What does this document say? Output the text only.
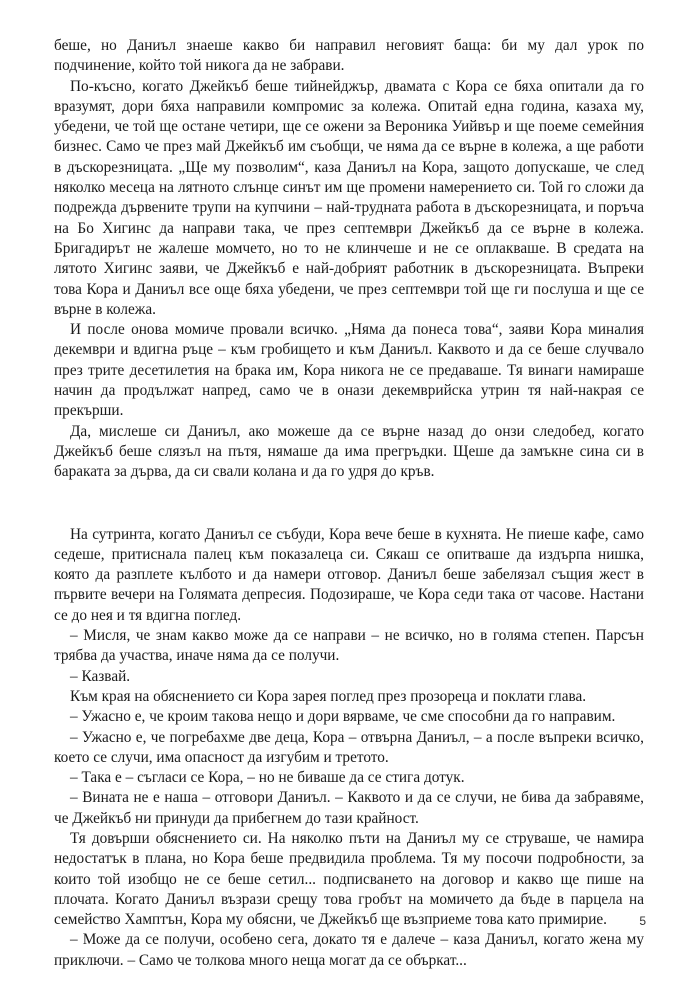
беше, но Даниъл знаеше какво би направил неговият баща: би му дал урок по подчинение, който той никога да не забрави.

По-късно, когато Джейкъб беше тийнейджър, двамата с Кора се бяха опитали да го вразумят, дори бяха направили компромис за колежа. Опитай една година, казаха му, убедени, че той ще остане четири, ще се ожени за Вероника Уийвър и ще поеме семейния бизнес. Само че през май Джейкъб им съобщи, че няма да се върне в колежа, а ще работи в дъскорезницата. „Ще му позволим“, каза Даниъл на Кора, защото допускаше, че след няколко месеца на лятното слънце синът им ще промени намерението си. Той го сложи да подрежда дървените трупи на купчини – най-трудната работа в дъскорезницата, и поръча на Бо Хигинс да направи така, че през септември Джейкъб да се върне в колежа. Бригадирът не жалеше момчето, но то не клинчеше и не се оплакваше. В средата на лятото Хигинс заяви, че Джейкъб е най-добрият работник в дъскорезницата. Въпреки това Кора и Даниъл все още бяха убедени, че през септември той ще ги послуша и ще се върне в колежа.

И после онова момиче провали всичко. „Няма да понеса това“, заяви Кора миналия декември и вдигна ръце – към гробището и към Даниъл. Каквото и да се беше случвало през трите десетилетия на брака им, Кора никога не се предаваше. Тя винаги намираше начин да продължат напред, само че в онази декемврийска утрин тя най-накрая се прекърши.

Да, мислеше си Даниъл, ако можеше да се върне назад до онзи следобед, когато Джейкъб беше слязъл на пътя, нямаше да има прегръдки. Щеше да замъкне сина си в бараката за дърва, да си свали колана и да го удря до кръв.

На сутринта, когато Даниъл се събуди, Кора вече беше в кухнята. Не пиеше кафе, само седеше, притиснала палец към показалеца си. Сякаш се опитваше да издърпа нишка, която да разплете кълбото и да намери отговор. Даниъл беше забелязал същия жест в първите вечери на Голямата депресия. Подозираше, че Кора седи така от часове. Настани се до нея и тя вдигна поглед.

– Мисля, че знам какво може да се направи – не всичко, но в голяма степен. Парсън трябва да участва, иначе няма да се получи.

– Казвай.

Към края на обяснението си Кора зарея поглед през прозореца и поклати глава.

– Ужасно е, че кроим такова нещо и дори вярваме, че сме способни да го направим.

– Ужасно е, че погребахме две деца, Кора – отвърна Даниъл, – а после въпреки всичко, което се случи, има опасност да изгубим и третото.

– Така е – съгласи се Кора, – но не биваше да се стига дотук.

– Вината не е наша – отговори Даниъл. – Каквото и да се случи, не бива да забравяме, че Джейкъб ни принуди да прибегнем до тази крайност.

Тя довърши обяснението си. На няколко пъти на Даниъл му се струваше, че намира недостатък в плана, но Кора беше предвидила проблема. Тя му посочи подробности, за които той изобщо не се беше сетил... подписването на договор и какво ще пише на плочата. Когато Даниъл възрази срещу това гробът на момичето да бъде в парцела на семейство Хамптън, Кора му обясни, че Джейкъб ще възприеме това като примирие.

– Може да се получи, особено сега, докато тя е далече – каза Даниъл, когато жена му приключи. – Само че толкова много неща могат да се объркат...

5
